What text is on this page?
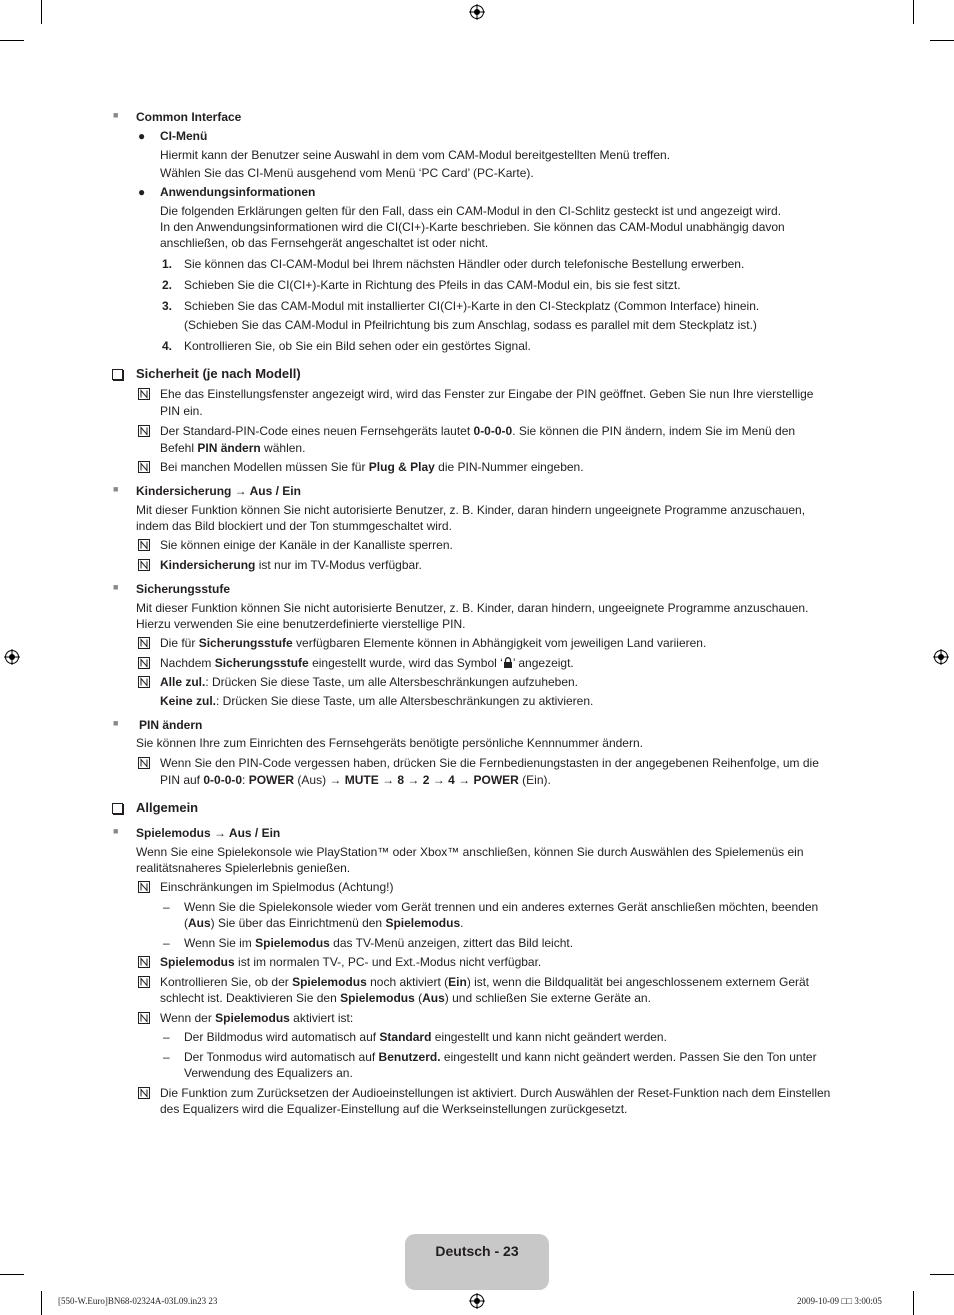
■ Common Interface
● CI-Menü
Hiermit kann der Benutzer seine Auswahl in dem vom CAM-Modul bereitgestellten Menü treffen.
Wählen Sie das CI-Menü ausgehend vom Menü ‘PC Card’ (PC-Karte).
● Anwendungsinformationen
Die folgenden Erklärungen gelten für den Fall, dass ein CAM-Modul in den CI-Schlitz gesteckt ist und angezeigt wird.
In den Anwendungsinformationen wird die CI(CI+)-Karte beschrieben. Sie können das CAM-Modul unabhängig davon
anschließen, ob das Fernsehgerät angeschaltet ist oder nicht.
1. Sie können das CI-CAM-Modul bei Ihrem nächsten Händler oder durch telefonische Bestellung erwerben.
2. Schieben Sie die CI(CI+)-Karte in Richtung des Pfeils in das CAM-Modul ein, bis sie fest sitzt.
3. Schieben Sie das CAM-Modul mit installierter CI(CI+)-Karte in den CI-Steckplatz (Common Interface) hinein.
(Schieben Sie das CAM-Modul in Pfeilrichtung bis zum Anschlag, sodass es parallel mit dem Steckplatz ist.)
4. Kontrollieren Sie, ob Sie ein Bild sehen oder ein gestörtes Signal.
Sicherheit (je nach Modell)
Ehe das Einstellungsfenster angezeigt wird, wird das Fenster zur Eingabe der PIN geöffnet. Geben Sie nun Ihre vierstellige
PIN ein.
Der Standard-PIN-Code eines neuen Fernsehgeräts lautet 0-0-0-0. Sie können die PIN ändern, indem Sie im Menü den
Befehl PIN ändern wählen.
Bei manchen Modellen müssen Sie für Plug & Play die PIN-Nummer eingeben.
■ Kindersicherung → Aus / Ein
Mit dieser Funktion können Sie nicht autorisierte Benutzer, z. B. Kinder, daran hindern ungeeignete Programme anzuschauen,
indem das Bild blockiert und der Ton stummgeschaltet wird.
Sie können einige der Kanäle in der Kanalliste sperren.
Kindersicherung ist nur im TV-Modus verfügbar.
■ Sicherungsstufe
Mit dieser Funktion können Sie nicht autorisierte Benutzer, z. B. Kinder, daran hindern, ungeeignete Programme anzuschauen.
Hierzu verwenden Sie eine benutzerdefinierte vierstellige PIN.
Die für Sicherungsstufe verfügbaren Elemente können in Abhängigkeit vom jeweiligen Land variieren.
Nachdem Sicherungsstufe eingestellt wurde, wird das Symbol ‘ ’ angezeigt.
Alle zul.: Drücken Sie diese Taste, um alle Altersbeschränkungen aufzuheben.
Keine zul.: Drücken Sie diese Taste, um alle Altersbeschränkungen zu aktivieren.
■ PIN ändern
Sie können Ihre zum Einrichten des Fernsehgeräts benötigte persönliche Kennnummer ändern.
Wenn Sie den PIN-Code vergessen haben, drücken Sie die Fernbedienungstasten in der angegebenen Reihenfolge, um die
PIN auf 0-0-0-0: POWER (Aus) → MUTE → 8 → 2 → 4 → POWER (Ein).
Allgemein
■ Spielemodus → Aus / Ein
Wenn Sie eine Spielekonsole wie PlayStation™ oder Xbox™ anschließen, können Sie durch Auswählen des Spielemenüs ein
realitätsnaheres Spielerlebnis genießen.
Einschränkungen im Spielmodus (Achtung!)
– Wenn Sie die Spielekonsole wieder vom Gerät trennen und ein anderes externes Gerät anschließen möchten, beenden
(Aus) Sie über das Einrichtmenü den Spielemodus.
– Wenn Sie im Spielemodus das TV-Menü anzeigen, zittert das Bild leicht.
Spielemodus ist im normalen TV-, PC- und Ext.-Modus nicht verfügbar.
Kontrollieren Sie, ob der Spielemodus noch aktiviert (Ein) ist, wenn die Bildqualität bei angeschlossenem externem Gerät
schlecht ist. Deaktivieren Sie den Spielemodus (Aus) und schließen Sie externe Geräte an.
Wenn der Spielemodus aktiviert ist:
– Der Bildmodus wird automatisch auf Standard eingestellt und kann nicht geändert werden.
– Der Tonmodus wird automatisch auf Benutzerd. eingestellt und kann nicht geändert werden. Passen Sie den Ton unter
Verwendung des Equalizers an.
Die Funktion zum Zurücksetzen der Audioeinstellungen ist aktiviert. Durch Auswählen der Reset-Funktion nach dem Einstellen
des Equalizers wird die Equalizer-Einstellung auf die Werkseinstellungen zurückgesetzt.
Deutsch - 23
[550-W.Euro]BN68-02324A-03L09.in23 23	2009-10-09 □□ 3:00:05
